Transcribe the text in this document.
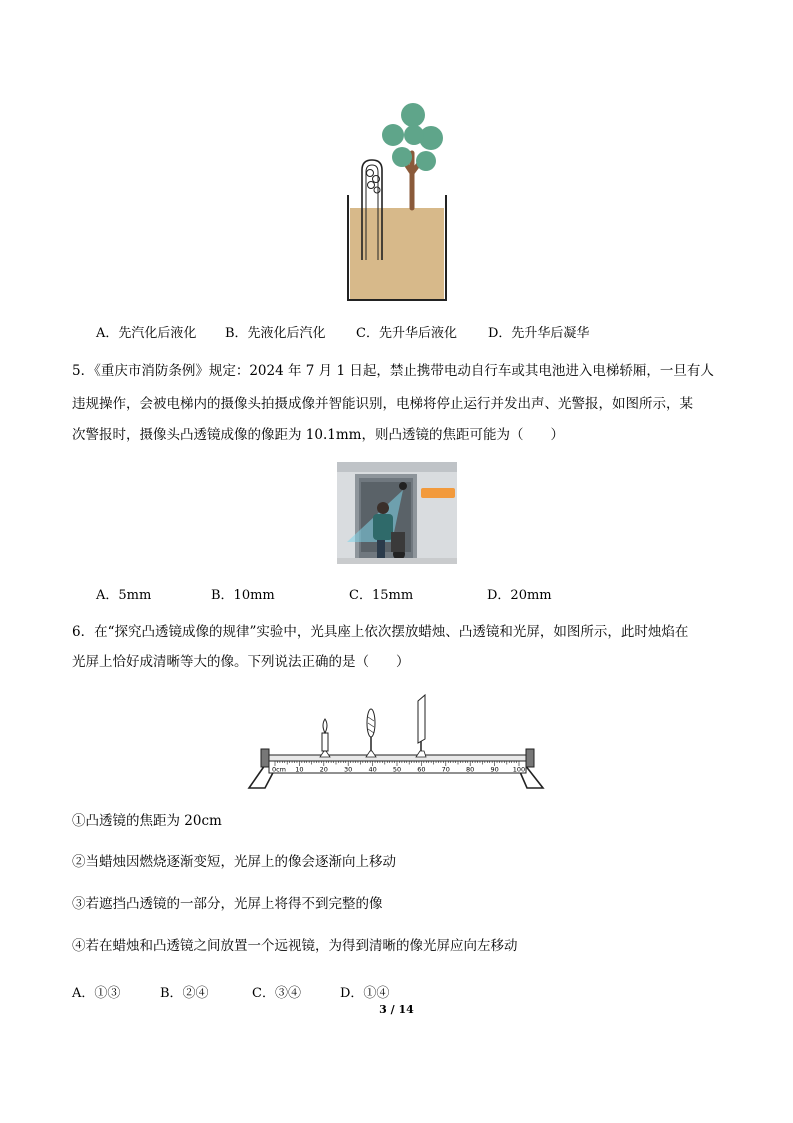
A．先汽化后液化 B．先液化后汽化 C．先升华后液化 D．先升华后凝华
5．《重庆市消防条例》规定：2024 年 7 月 1 日起，禁止携带电动自行车或其电池进入电梯轿厢，一旦有人
违规操作，会被电梯内的摄像头拍摄成像并智能识别，电梯将停止运行并发出声、光警报，如图所示，某
次警报时，摄像头凸透镜成像的像距为 10.1mm，则凸透镜的焦距可能为（　　）
A．5mm	B．10mm	C．15mm	D．20mm
6．在“探究凸透镜成像的规律”实验中，光具座上依次摆放蜡烛、凸透镜和光屏，如图所示，此时烛焰在
光屏上恰好成清晰等大的像。下列说法正确的是（　　）
0cm 10 20 30 40 50 60 70 80 90 100
①凸透镜的焦距为 20cm
②当蜡烛因燃烧逐渐变短，光屏上的像会逐渐向上移动
③若遮挡凸透镜的一部分，光屏上将得不到完整的像
④若在蜡烛和凸透镜之间放置一个远视镜，为得到清晰的像光屏应向左移动
A．①③	B．②④	C．③④	D．①④
3 / 14
